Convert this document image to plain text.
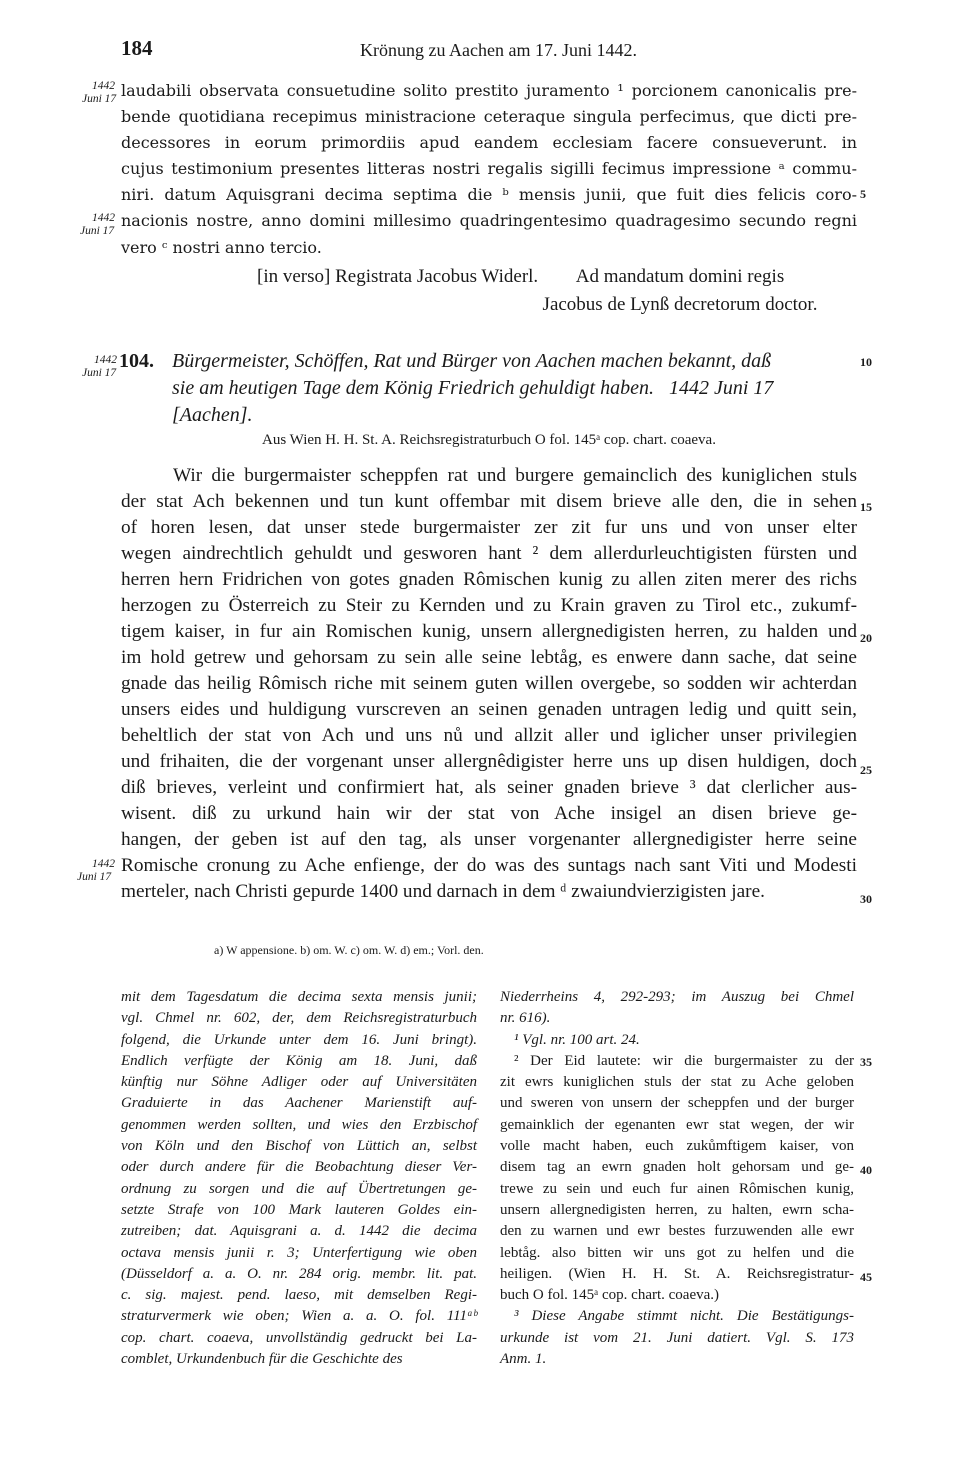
184	Krönung zu Aachen am 17. Juni 1442.
1442
Juni 17
1442
Juni 17
1442
Juni 17
1442
Juni 17
5
10
15
20
25
30
35
40
45
laudabili observata consuetudine solito prestito juramento ¹ porcionem canonicalis pre-
bende quotidiana recepimus ministracione ceteraque singula perfecimus, que dicti pre-
decessores in eorum primordiis apud eandem ecclesiam facere consueverunt. in
cujus testimonium presentes litteras nostri regalis sigilli fecimus impressione ᵃ commu-
niri. datum Aquisgrani decima septima die ᵇ mensis junii, que fuit dies felicis coro-
nacionis nostre, anno domini millesimo quadringentesimo quadragesimo secundo regni
vero ᶜ nostri anno tercio.
[in verso] Registrata Jacobus Widerl.	Ad mandatum domini regis
Jacobus de Lynß decretorum doctor.
104. Bürgermeister, Schöffen, Rat und Bürger von Aachen machen bekannt, daß
sie am heutigen Tage dem König Friedrich gehuldigt haben.   1442 Juni 17
[Aachen].
Aus Wien H. H. St. A. Reichsregistraturbuch O fol. 145ᵃ cop. chart. coaeva.
Wir die burgermaister scheppfen rat und burgere gemainclich des kuniglichen stuls
der stat Ach bekennen und tun kunt offembar mit disem brieve alle den, die in sehen
of horen lesen, dat unser stede burgermaister zer zit fur uns und von unser elter
wegen aindrechtlich gehuldt und gesworen hant ² dem allerdurleuchtigisten fürsten und
herren hern Fridrichen von gotes gnaden Rômischen kunig zu allen ziten merer des richs
herzogen zu Österreich zu Steir zu Kernden und zu Krain graven zu Tirol etc., zukumf-
tigem kaiser, in fur ain Romischen kunig, unsern allergnedigisten herren, zu halden und
im hold getrew und gehorsam zu sein alle seine lebtåg, es enwere dann sache, dat seine
gnade das heilig Rômisch riche mit seinem guten willen overgebe, so sodden wir achterdan
unsers eides und huldigung vurscreven an seinen genaden untragen ledig und quitt sein,
beheltlich der stat von Ach und uns nů und allzit aller und iglicher unser privilegien
und frihaiten, die der vorgenant unser allergnêdigister herre uns up disen huldigen, doch
diß brieves, verleint und confirmiert hat, als seiner gnaden brieve ³ dat clerlicher aus-
wisent. diß zu urkund hain wir der stat von Ache insigel an disen brieve ge-
hangen, der geben ist auf den tag, als unser vorgenanter allergnedigister herre seine
Romische cronung zu Ache enfienge, der do was des suntags nach sant Viti und Modesti
merteler, nach Christi gepurde 1400 und darnach in dem ᵈ zwaiundvierzigisten jare.
a) W appensione. b) om. W. c) om. W. d) em.; Vorl. den.
mit dem Tagesdatum die decima sexta mensis junii;
vgl. Chmel nr. 602, der, dem Reichsregistraturbuch
folgend, die Urkunde unter dem 16. Juni bringt).
Endlich verfügte der König am 18. Juni, daß
künftig nur Söhne Adliger oder auf Universitäten
Graduierte in das Aachener Marienstift auf-
genommen werden sollten, und wies den Erzbischof
von Köln und den Bischof von Lüttich an, selbst
oder durch andere für die Beobachtung dieser Ver-
ordnung zu sorgen und die auf Übertretungen ge-
setzte Strafe von 100 Mark lauteren Goldes ein-
zutreiben; dat. Aquisgrani a. d. 1442 die decima
octava mensis junii r. 3; Unterfertigung wie oben
(Düsseldorf a. a. O. nr. 284 orig. membr. lit. pat.
c. sig. majest. pend. laeso, mit demselben Regi-
straturvermerk wie oben; Wien a. a. O. fol. 111ᵃᵇ
cop. chart. coaeva, unvollständig gedruckt bei La-
comblet, Urkundenbuch für die Geschichte des
Niederrheins 4, 292-293; im Auszug bei Chmel
nr. 616).
¹ Vgl. nr. 100 art. 24.
² Der Eid lautete: wir die burgermaister zu der
zit ewrs kuniglichen stuls der stat zu Ache geloben
und sweren von unsern der scheppfen und der burger
gemainklich der egenanten ewr stat wegen, der wir
volle macht haben, euch zukůmftigem kaiser, von
disem tag an ewrn gnaden holt gehorsam und ge-
trewe zu sein und euch fur ainen Rômischen kunig,
unsern allergnedigisten herren, zu halten, ewrn scha-
den zu warnen und ewr bestes furzuwenden alle ewr
lebtåg. also bitten wir uns got zu helfen und die
heiligen. (Wien H. H. St. A. Reichsregistratur-
buch O fol. 145ᵃ cop. chart. coaeva.)
³ Diese Angabe stimmt nicht. Die Bestätigungs-
urkunde ist vom 21. Juni datiert. Vgl. S. 173
Anm. 1.
